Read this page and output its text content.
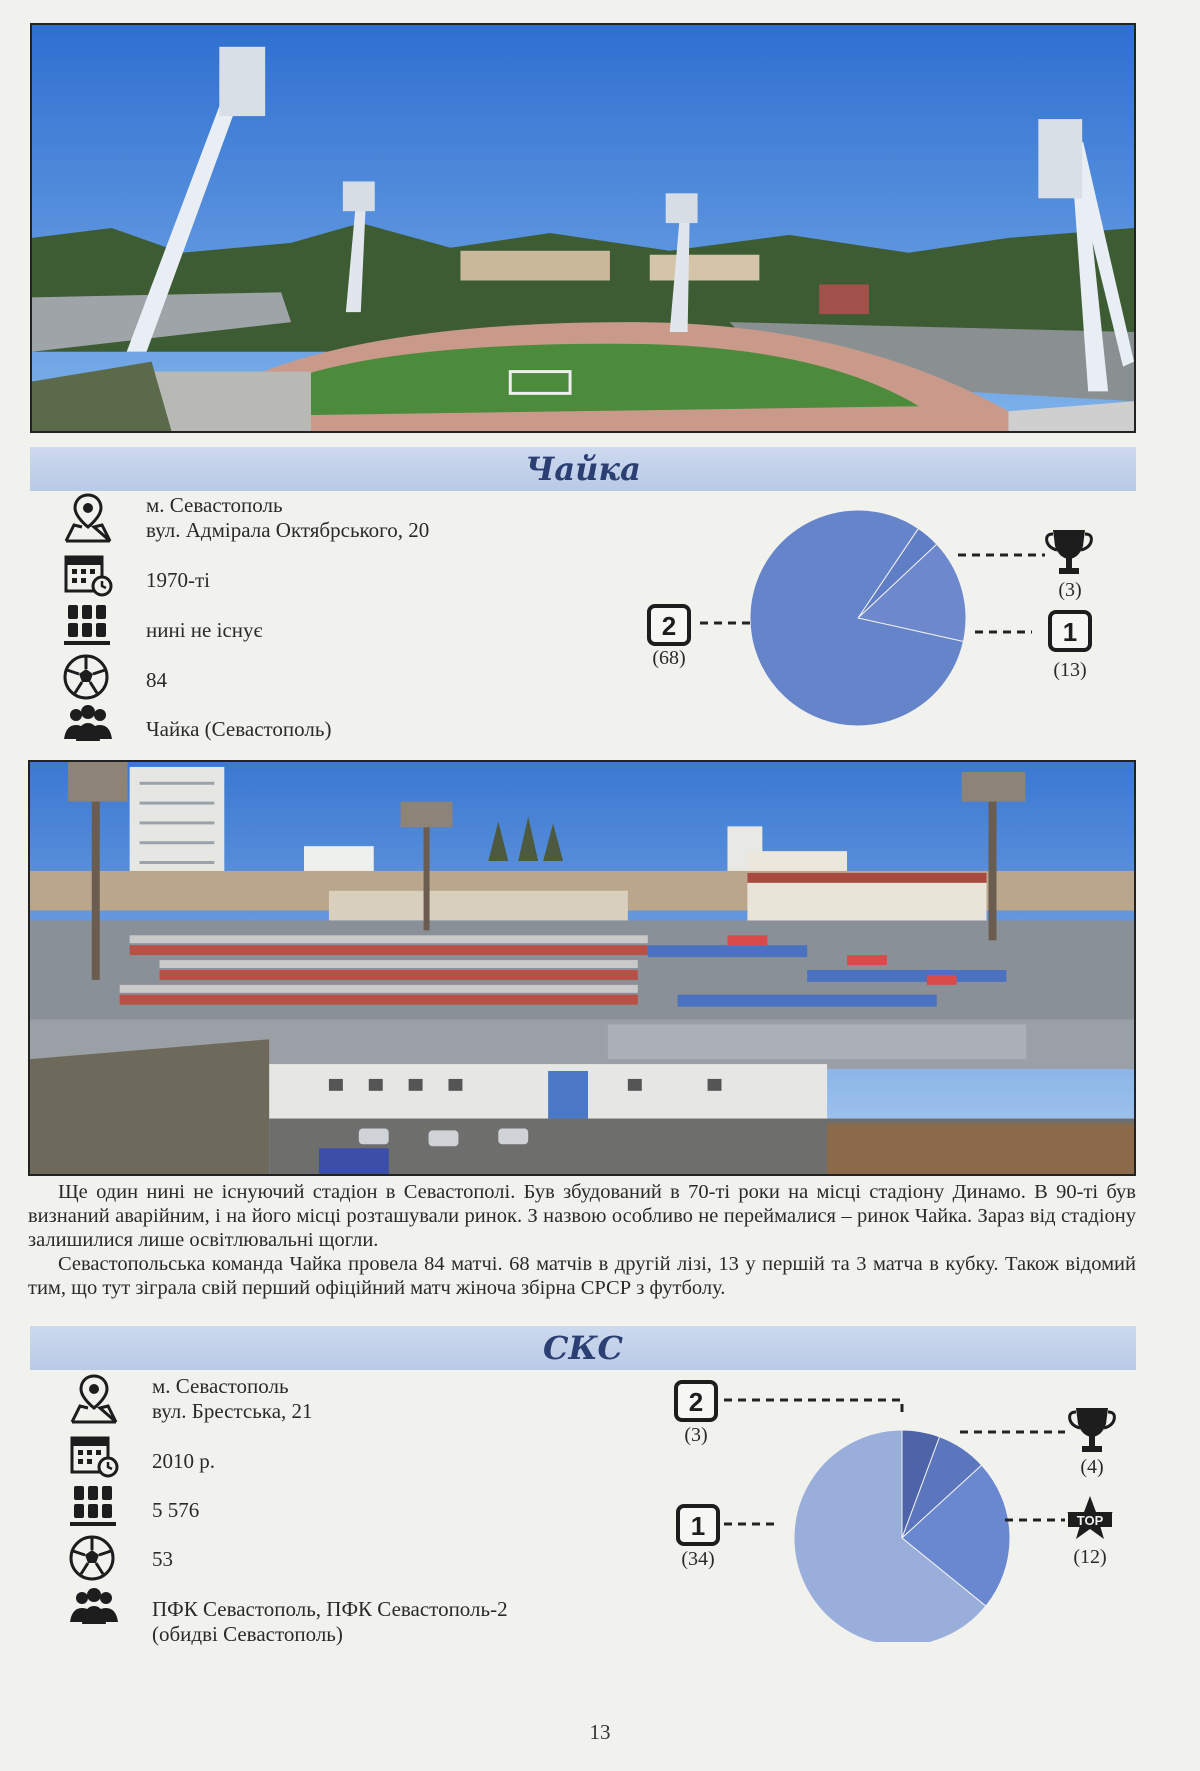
Чайка
м. Севастополь
вул. Адмірала Октябрського, 20
1970-ті
нині не існує
84
Чайка (Севастополь)
2	1
(68)
(3)
(13)

Ще один нині не існуючий стадіон в Севастополі. Був збудований в 70-ті роки на місці стадіону Динамо. В 90-ті був визнаний аварійним, і на його місці розташували ринок. З назвою особливо не переймалися – ринок Чайка. Зараз від стадіону залишилися лише освітлювальні щогли.

Севастопольська команда Чайка провела 84 матчі. 68 матчів в другій лізі, 13 у першій та 3 матча в кубку. Також відомий тим, що тут зіграла свій перший офіційний матч жіноча збірна СРСР з футболу.

СКС
м. Севастополь
вул. Брестська, 21
2010 р.
5 576
53
ПФК Севастополь, ПФК Севастополь-2
(обидві Севастополь)
2
1	TOP
(3)
(4)
(12)
(34)
13
